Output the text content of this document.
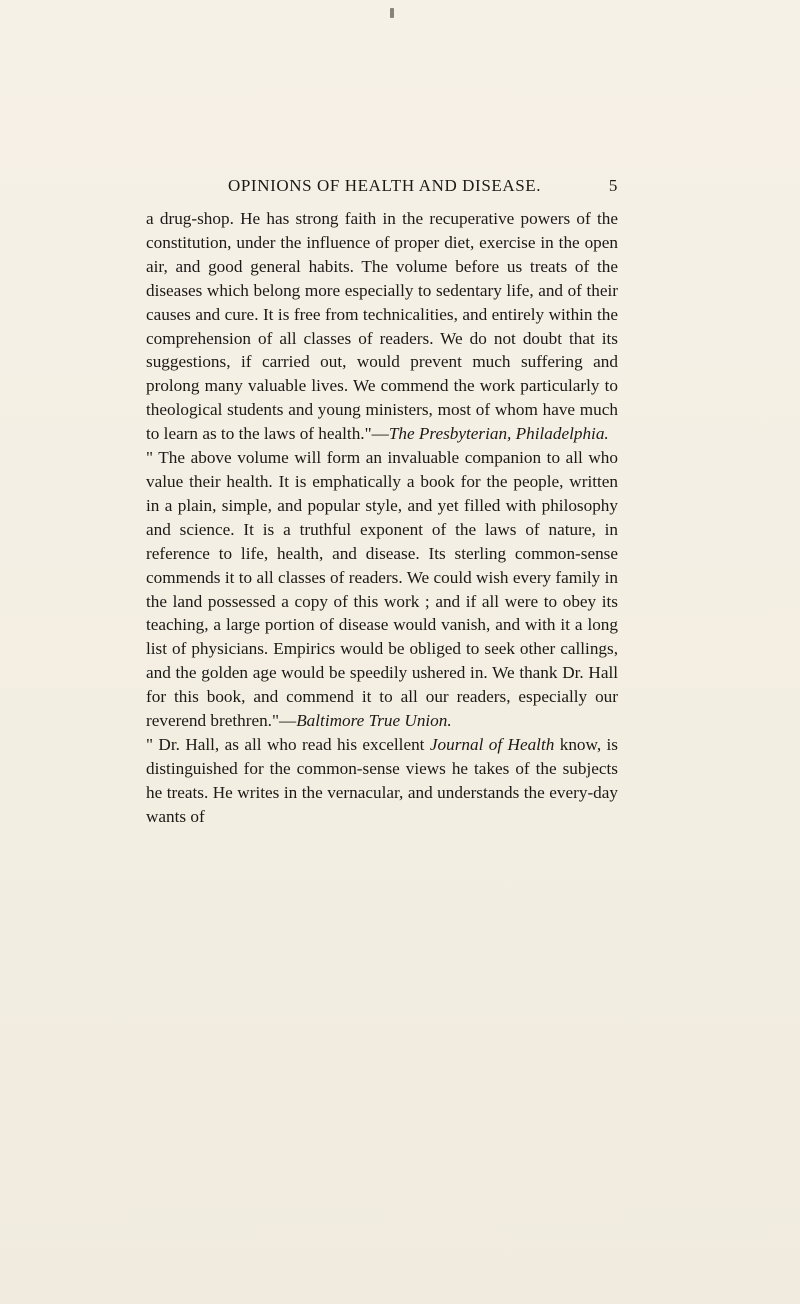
OPINIONS OF HEALTH AND DISEASE.	5

a drug-shop. He has strong faith in the recuperative powers of the constitution, under the influence of proper diet, exercise in the open air, and good general habits. The volume before us treats of the diseases which belong more especially to sedentary life, and of their causes and cure. It is free from technicalities, and entirely within the comprehension of all classes of readers. We do not doubt that its suggestions, if carried out, would prevent much suffering and prolong many valuable lives. We commend the work particularly to theological students and young ministers, most of whom have much to learn as to the laws of health."—The Presbyterian, Philadelphia.

" The above volume will form an invaluable companion to all who value their health. It is emphatically a book for the people, written in a plain, simple, and popular style, and yet filled with philosophy and science. It is a truthful exponent of the laws of nature, in reference to life, health, and disease. Its sterling common-sense commends it to all classes of readers. We could wish every family in the land possessed a copy of this work ; and if all were to obey its teaching, a large portion of disease would vanish, and with it a long list of physicians. Empirics would be obliged to seek other callings, and the golden age would be speedily ushered in. We thank Dr. Hall for this book, and commend it to all our readers, especially our reverend brethren."—Baltimore True Union.

" Dr. Hall, as all who read his excellent Journal of Health know, is distinguished for the common-sense views he takes of the subjects he treats. He writes in the vernacular, and understands the every-day wants of
